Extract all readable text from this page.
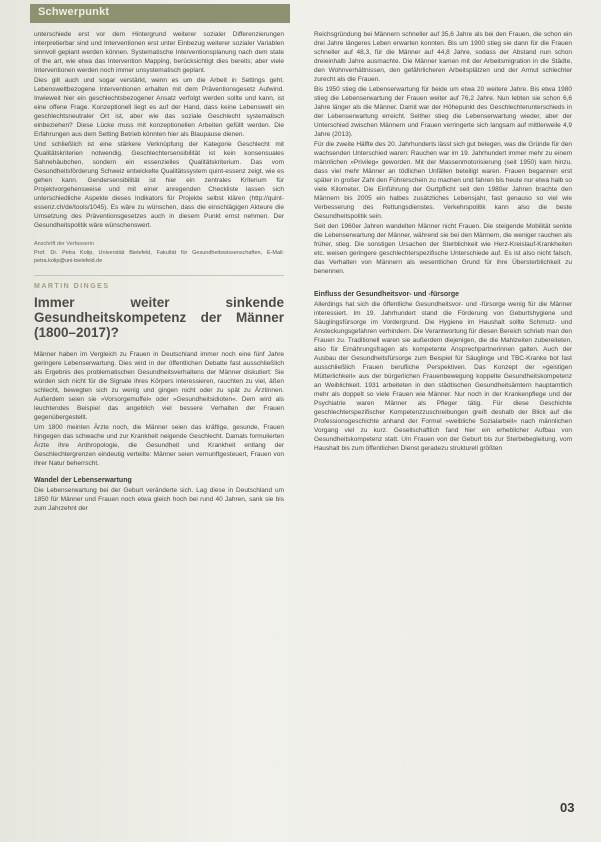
Schwerpunkt

unterschiede erst vor dem Hintergrund weiterer sozialer Differenzierungen interpretierbar sind und Interventionen erst unter Einbezug weiterer sozialer Variablen sinnvoll geplant werden können. Systematische Interventionsplanung nach dem state of the art, wie etwa das Intervention Mapping, berücksichtigt dies bereits; aber viele Interventionen werden noch immer unsystematisch geplant.

Dies gilt auch und sogar verstärkt, wenn es um die Arbeit in Settings geht. Lebensweltbezogene Interventionen erhalten mit dem Präventionsgesetz Aufwind. Inwieweit hier ein geschlechtsbezogener Ansatz verfolgt werden sollte und kann, ist eine offene Frage. Konzeptionell liegt es auf der Hand, dass keine Lebenswelt ein geschlechtsneutraler Ort ist, aber wie das soziale Geschlecht systematisch einbeziehen? Diese Lücke muss mit konzeptionellen Arbeiten gefüllt werden. Die Erfahrungen aus dem Setting Betrieb könnten hier als Blaupause dienen.

Und schließlich ist eine stärkere Verknüpfung der Kategorie Geschlecht mit Qualitätskriterien notwendig. Geschlechtersensibilität ist kein konsensuales Sahnehäubchen, sondern ein essenzielles Qualitätskriterium. Das vom Gesundheitsförderung Schweiz entwickelte Qualitätssystem quint-essenz zeigt, wie es gehen kann. Gendersensibilität ist hier ein zentrales Kriterium für Projektvorgehensweise und mit einer anregenden Checkliste lassen sich unterschiedliche Aspekte dieses Indikators für Projekte selbst klären (http://quint-essenz.ch/de/tools/1045). Es wäre zu wünschen, dass die einschlägigen Akteure die Umsetzung des Präventionsgesetzes auch in diesem Punkt ernst nehmen. Der Gesundheitspolitik wäre wünschenswert.

Anschrift der Verfasserin
Prof. Dr. Petra Kolip, Universität Bielefeld, Fakultät für Gesundheitswissenschaften, E-Mail: petra.kolip@uni-bielefeld.de
MARTIN DINGES
Immer weiter sinkende Gesundheitskompetenz der Männer (1800–2017)?

Männer haben im Vergleich zu Frauen in Deutschland immer noch eine fünf Jahre geringere Lebenserwartung. Dies wird in der öffentlichen Debatte fast ausschließlich als Ergebnis des problematischen Gesundheitsverhaltens der Männer diskutiert: Sie würden sich nicht für die Signale ihres Körpers interessieren, rauchten zu viel, äßen schlecht, bewegten sich zu wenig und gingen nicht oder zu spät zu Ärztinnen. Außerdem seien sie »Vorsorgemuffel« oder »Gesundheitsidioten«. Dem wird als leuchtendes Beispiel das angeblich viel bessere Verhalten der Frauen gegenübergestellt.

Um 1800 meinten Ärzte noch, die Männer seien das kräftige, gesunde, Frauen hingegen das schwache und zur Krankheit neigende Geschlecht. Damals formulierten Ärzte ihre Anthropologie, die Gesundheit und Krankheit entlang der Geschlechtergrenzen eindeutig verteilte: Männer seien vernunftgesteuert, Frauen von ihrer Natur beherrscht.

Wandel der Lebenserwartung

Die Lebenserwartung bei der Geburt veränderte sich. Lag diese in Deutschland um 1850 für Männer und Frauen noch etwa gleich hoch bei rund 40 Jahren, sank sie bis zum Jahrzehnt der

Reichsgründung bei Männern schneller auf 35,6 Jahre als bei den Frauen, die schon ein drei Jahre längeres Leben erwarten konnten. Bis um 1900 stieg sie dann für die Frauen schneller auf 48,3, für die Männer auf 44,8 Jahre, sodass der Abstand nun schon dreieinhalb Jahre ausmachte. Die Männer kamen mit der Arbeitsmigration in die Städte, den Wohnverhältnissen, den gefährlicheren Arbeitsplätzen und der Armut schlechter zurecht als die Frauen.

Bis 1950 stieg die Lebenserwartung für beide um etwa 20 weitere Jahre. Bis etwa 1980 stieg die Lebenserwartung der Frauen weiter auf 76,2 Jahre. Nun lebten sie schon 6,6 Jahre länger als die Männer. Damit war der Höhepunkt des Geschlechterunterschieds in der Lebenserwartung erreicht. Seither stieg die Lebenserwartung wieder, aber der Unterschied zwischen Männern und Frauen verringerte sich langsam auf mittlerweile 4,9 Jahre (2013).

Für die zweite Hälfte des 20. Jahrhunderts lässt sich gut belegen, was die Gründe für den wachsenden Unterschied waren: Rauchen war im 19. Jahrhundert immer mehr zu einem männlichen »Privileg« geworden. Mit der Massenmotorisierung (seit 1950) kam hinzu, dass viel mehr Männer an tödlichen Unfällen beteiligt waren. Frauen begannen erst später in großer Zahl den Führerschein zu machen und fahren bis heute nur etwa halb so viele Kilometer. Die Einführung der Gurtpflicht seit den 1980er Jahren brachte den Männern bis 2005 ein halbes zusätzliches Lebensjahr, fast genauso so viel wie Verbesserung des Rettungsdienstes. Verkehrspolitik kann also die beste Gesundheitspolitik sein.

Seit den 1960er Jahren wandelten Männer nicht Frauen. Die steigende Mobilität senkte die Lebenserwartung der Männer, während sie bei den Männern, die weniger rauchen als früher, stieg. Die sonstigen Ursachen der Sterblichkeit wie Herz-Kreislauf-Krankheiten etc. weisen geringere geschlechterspezifische Unterschiede auf. Es ist also nicht falsch, das Verhalten von Männern als wesentlichen Grund für ihre Übersterblichkeit zu benennen.

Einfluss der Gesundheitsvor- und -fürsorge

Allerdings hat sich die öffentliche Gesundheitsvor- und -fürsorge wenig für die Männer interessiert. Im 19. Jahrhundert stand die Förderung von Geburtshygiene und Säuglingsfürsorge im Vordergrund. Die Hygiene im Haushalt sollte Schmutz- und Ansteckungsgefahren verhindern. Die Verantwortung für diesen Bereich schrieb man den Frauen zu. Traditionell waren sie außerdem diejenigen, die die Mahlzeiten zubereiteten, also für Ernährungsfragen als kompetente Ansprechpartnerinnen galten. Auch der Ausbau der Gesundheitsfürsorge zum Beispiel für Säuglinge und TBC-Kranke bot fast ausschließlich Frauen berufliche Perspektiven. Das Konzept der »geistigen Mütterlichkeit« aus der bürgerlichen Frauenbewegung koppelte Gesundheitskompetenz an Weiblichkeit. 1931 arbeiteten in den städtischen Gesundheitsämtern hauptamtlich mehr als doppelt so viele Frauen wie Männer. Nur noch in der Krankenpflege und der Psychiatrie waren Männer als Pfleger tätig. Für diese Geschichte geschlechterspezifischer Kompetenzzuschreibungen greift deshalb der Blick auf die Professionsgeschichte anhand der Formel »weibliche Sozialarbeit« nach männlichen Vorgang viel zu kurz. Gesellschaftlich fand hier ein erheblicher Aufbau von Gesundheitskompetenz statt. Um Frauen von der Geburt bis zur Sterbebegleitung, vom Haushalt bis zum öffentlichen Dienst geradezu strukturell größten

03
